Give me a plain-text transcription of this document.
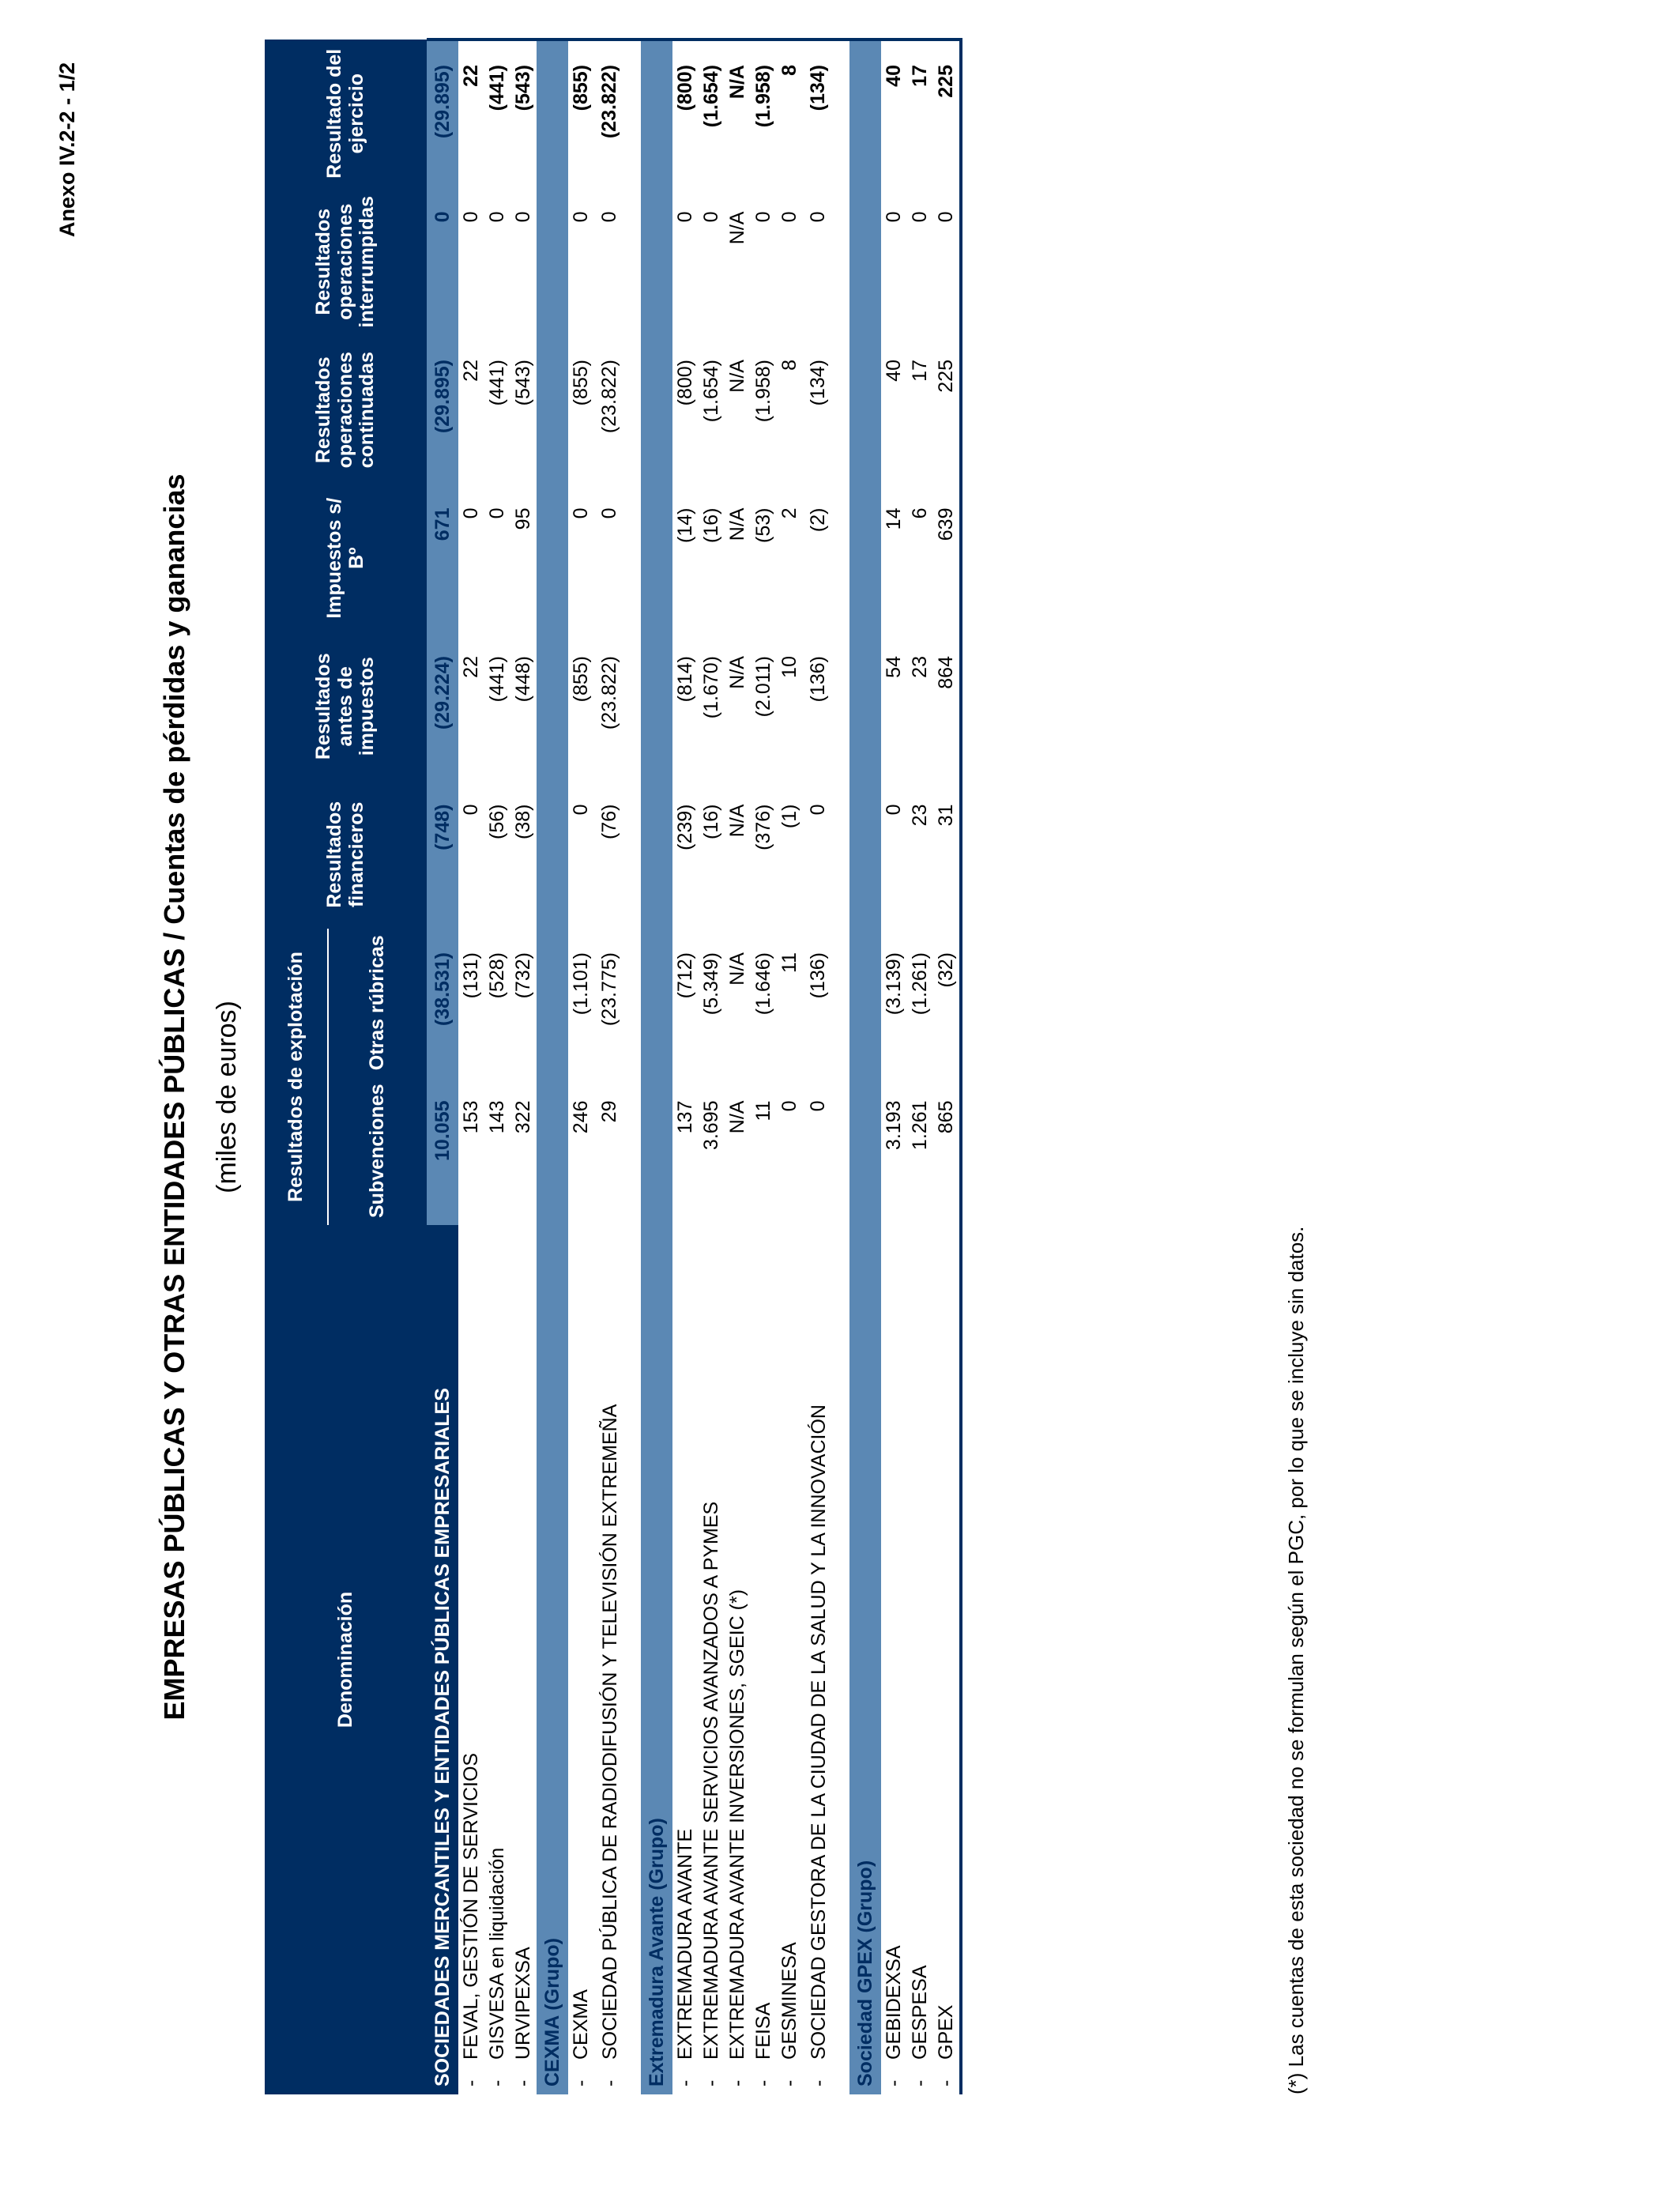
Anexo IV.2-2 - 1/2
EMPRESAS PÚBLICAS Y OTRAS ENTIDADES PÚBLICAS / Cuentas de pérdidas y ganancias (miles de euros)
Denominación	Resultados de explotación		Resultados financieros	Resultados antes de impuestos	Impuestos s/ Bº	Resultados operaciones continuadas	Resultados operaciones interrumpidas	Resultado del ejercicio
	Subvenciones	Otras rúbricas						

SOCIEDADES MERCANTILES Y ENTIDADES PÚBLICAS EMPRESARIALES	10.055	(38.531)	(748)	(29.224)	671	(29.895)	0	(29.895)
-FEVAL, GESTIÓN DE SERVICIOS	153	(131)	0	22	0	22	0	22
-GISVESA en liquidación	143	(528)	(56)	(441)	0	(441)	0	(441)
-URVIPEXSA	322	(732)	(38)	(448)	95	(543)	0	(543)
CEXMA (Grupo)								
-CEXMA	246	(1.101)	0	(855)	0	(855)	0	(855)
-SOCIEDAD PÚBLICA DE RADIODIFUSIÓN Y TELEVISIÓN EXTREMEÑA	29	(23.775)	(76)	(23.822)	0	(23.822)	0	(23.822)

Extremadura Avante (Grupo)								
-EXTREMADURA AVANTE	137	(712)	(239)	(814)	(14)	(800)	0	(800)
-EXTREMADURA AVANTE SERVICIOS AVANZADOS A PYMES	3.695	(5.349)	(16)	(1.670)	(16)	(1.654)	0	(1.654)
-EXTREMADURA AVANTE INVERSIONES, SGEIC (*)	N/A	N/A	N/A	N/A	N/A	N/A	N/A	N/A
-FEISA	11	(1.646)	(376)	(2.011)	(53)	(1.958)	0	(1.958)
-GESMINESA	0	11	(1)	10	2	8	0	8
-SOCIEDAD GESTORA DE LA CIUDAD DE LA SALUD Y LA INNOVACIÓN	0	(136)	0	(136)	(2)	(134)	0	(134)

Sociedad GPEX (Grupo)								
-GEBIDEXSA	3.193	(3.139)	0	54	14	40	0	40
-GESPESA	1.261	(1.261)	23	23	6	17	0	17
-GPEX	865	(32)	31	864	639	225	0	225
(*) Las cuentas de esta sociedad no se formulan según el PGC, por lo que se incluye sin datos.
